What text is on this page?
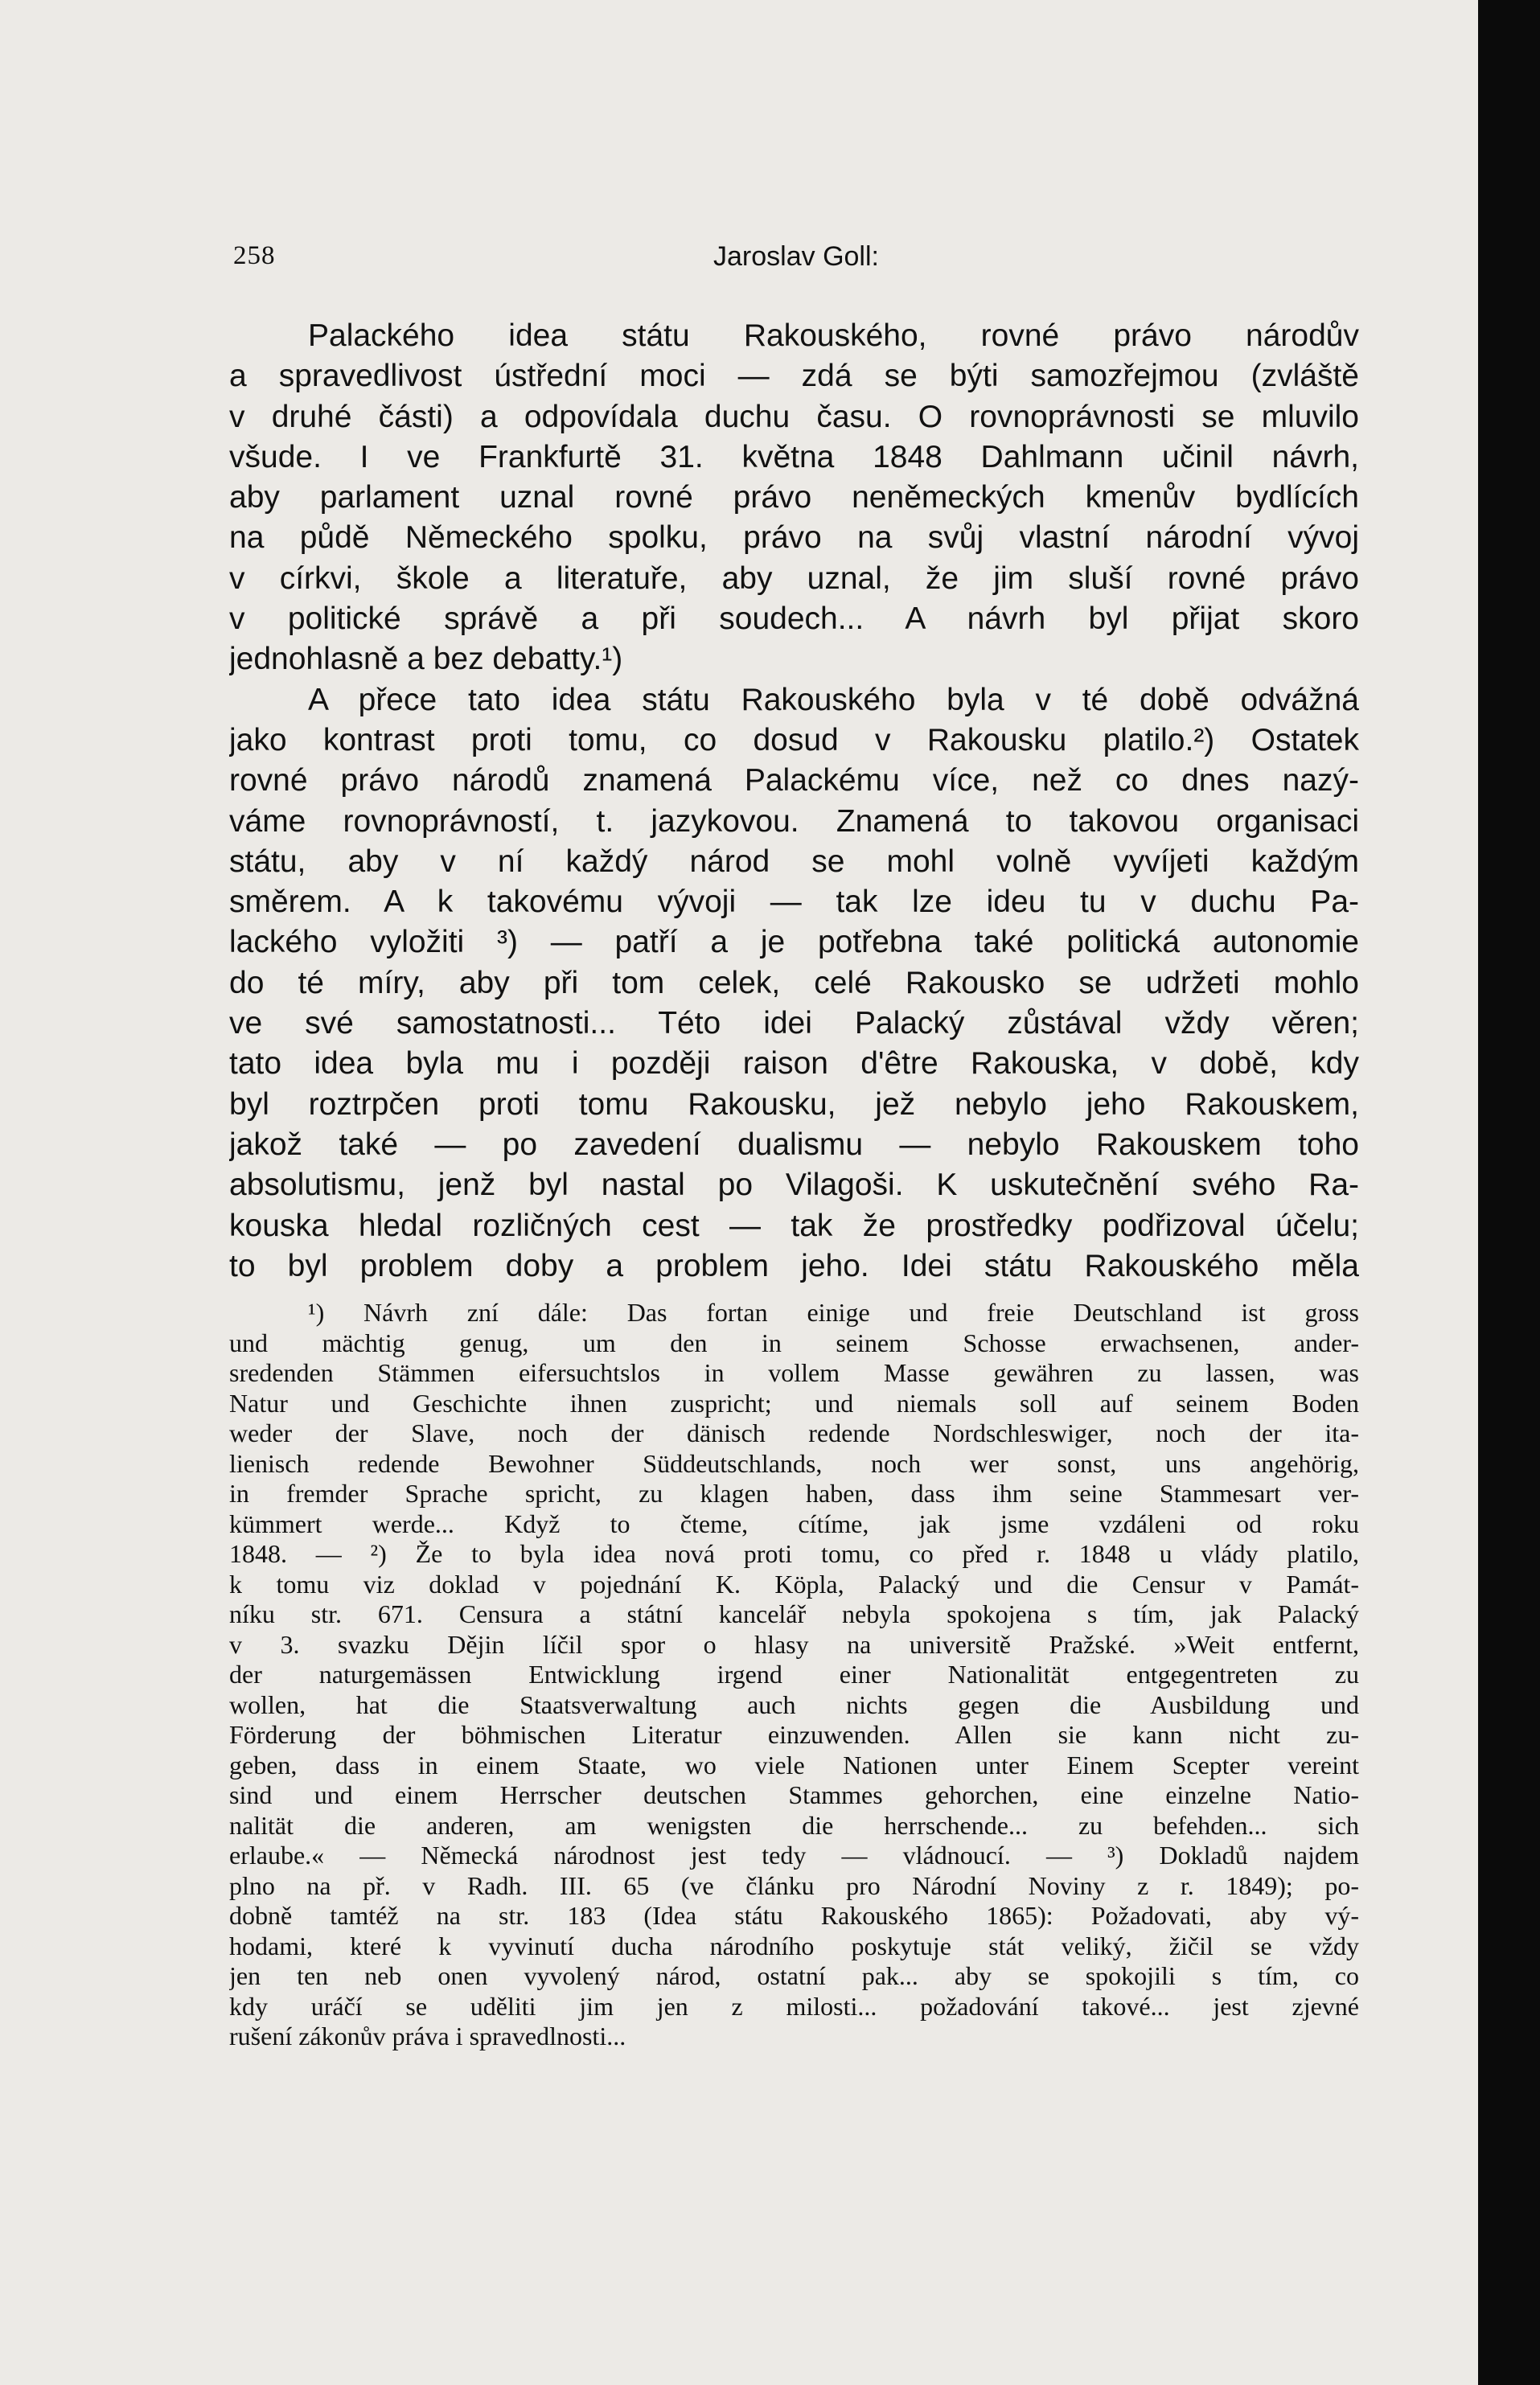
258	Jaroslav Goll:
Palackého idea státu Rakouského, rovné právo národův
a spravedlivost ústřední moci — zdá se býti samozřejmou (zvláště
v druhé části) a odpovídala duchu času. O rovnoprávnosti se mluvilo
všude. I ve Frankfurtě 31. května 1848 Dahlmann učinil návrh,
aby parlament uznal rovné právo neněmeckých kmenův bydlících
na půdě Německého spolku, právo na svůj vlastní národní vývoj
v církvi, škole a literatuře, aby uznal, že jim sluší rovné právo
v politické správě a při soudech... A návrh byl přijat skoro
jednohlasně a bez debatty.¹)
A přece tato idea státu Rakouského byla v té době odvážná
jako kontrast proti tomu, co dosud v Rakousku platilo.²) Ostatek
rovné právo národů znamená Palackému více, než co dnes nazý-
váme rovnoprávností, t. jazykovou. Znamená to takovou organisaci
státu, aby v ní každý národ se mohl volně vyvíjeti každým
směrem. A k takovému vývoji — tak lze ideu tu v duchu Pa-
lackého vyložiti ³) — patří a je potřebna také politická autonomie
do té míry, aby při tom celek, celé Rakousko se udržeti mohlo
ve své samostatnosti... Této idei Palacký zůstával vždy věren;
tato idea byla mu i později raison d'être Rakouska, v době, kdy
byl roztrpčen proti tomu Rakousku, jež nebylo jeho Rakouskem,
jakož také — po zavedení dualismu — nebylo Rakouskem toho
absolutismu, jenž byl nastal po Vilagoši. K uskutečnění svého Ra-
kouska hledal rozličných cest — tak že prostředky podřizoval účelu;
to byl problem doby a problem jeho. Idei státu Rakouského měla
¹) Návrh zní dále: Das fortan einige und freie Deutschland ist gross
und mächtig genug, um den in seinem Schosse erwachsenen, ander-
sredenden Stämmen eifersuchtslos in vollem Masse gewähren zu lassen, was
Natur und Geschichte ihnen zuspricht; und niemals soll auf seinem Boden
weder der Slave, noch der dänisch redende Nordschleswiger, noch der ita-
lienisch redende Bewohner Süddeutschlands, noch wer sonst, uns angehörig,
in fremder Sprache spricht, zu klagen haben, dass ihm seine Stammesart ver-
kümmert werde... Když to čteme, cítíme, jak jsme vzdáleni od roku
1848. — ²) Že to byla idea nová proti tomu, co před r. 1848 u vlády platilo,
k tomu viz doklad v pojednání K. Köpla, Palacký und die Censur v Památ-
níku str. 671. Censura a státní kancelář nebyla spokojena s tím, jak Palacký
v 3. svazku Dějin líčil spor o hlasy na universitě Pražské. »Weit entfernt,
der naturgemässen Entwicklung irgend einer Nationalität entgegentreten zu
wollen, hat die Staatsverwaltung auch nichts gegen die Ausbildung und
Förderung der böhmischen Literatur einzuwenden. Allen sie kann nicht zu-
geben, dass in einem Staate, wo viele Nationen unter Einem Scepter vereint
sind und einem Herrscher deutschen Stammes gehorchen, eine einzelne Natio-
nalität die anderen, am wenigsten die herrschende... zu befehden... sich
erlaube.« — Německá národnost jest tedy — vládnoucí. — ³) Dokladů najdem
plno na př. v Radh. III. 65 (ve článku pro Národní Noviny z r. 1849); po-
dobně tamtéž na str. 183 (Idea státu Rakouského 1865): Požadovati, aby vý-
hodami, které k vyvinutí ducha národního poskytuje stát veliký, žičil se vždy
jen ten neb onen vyvolený národ, ostatní pak... aby se spokojili s tím, co
kdy uráčí se uděliti jim jen z milosti... požadování takové... jest zjevné
rušení zákonův práva i spravedlnosti...
